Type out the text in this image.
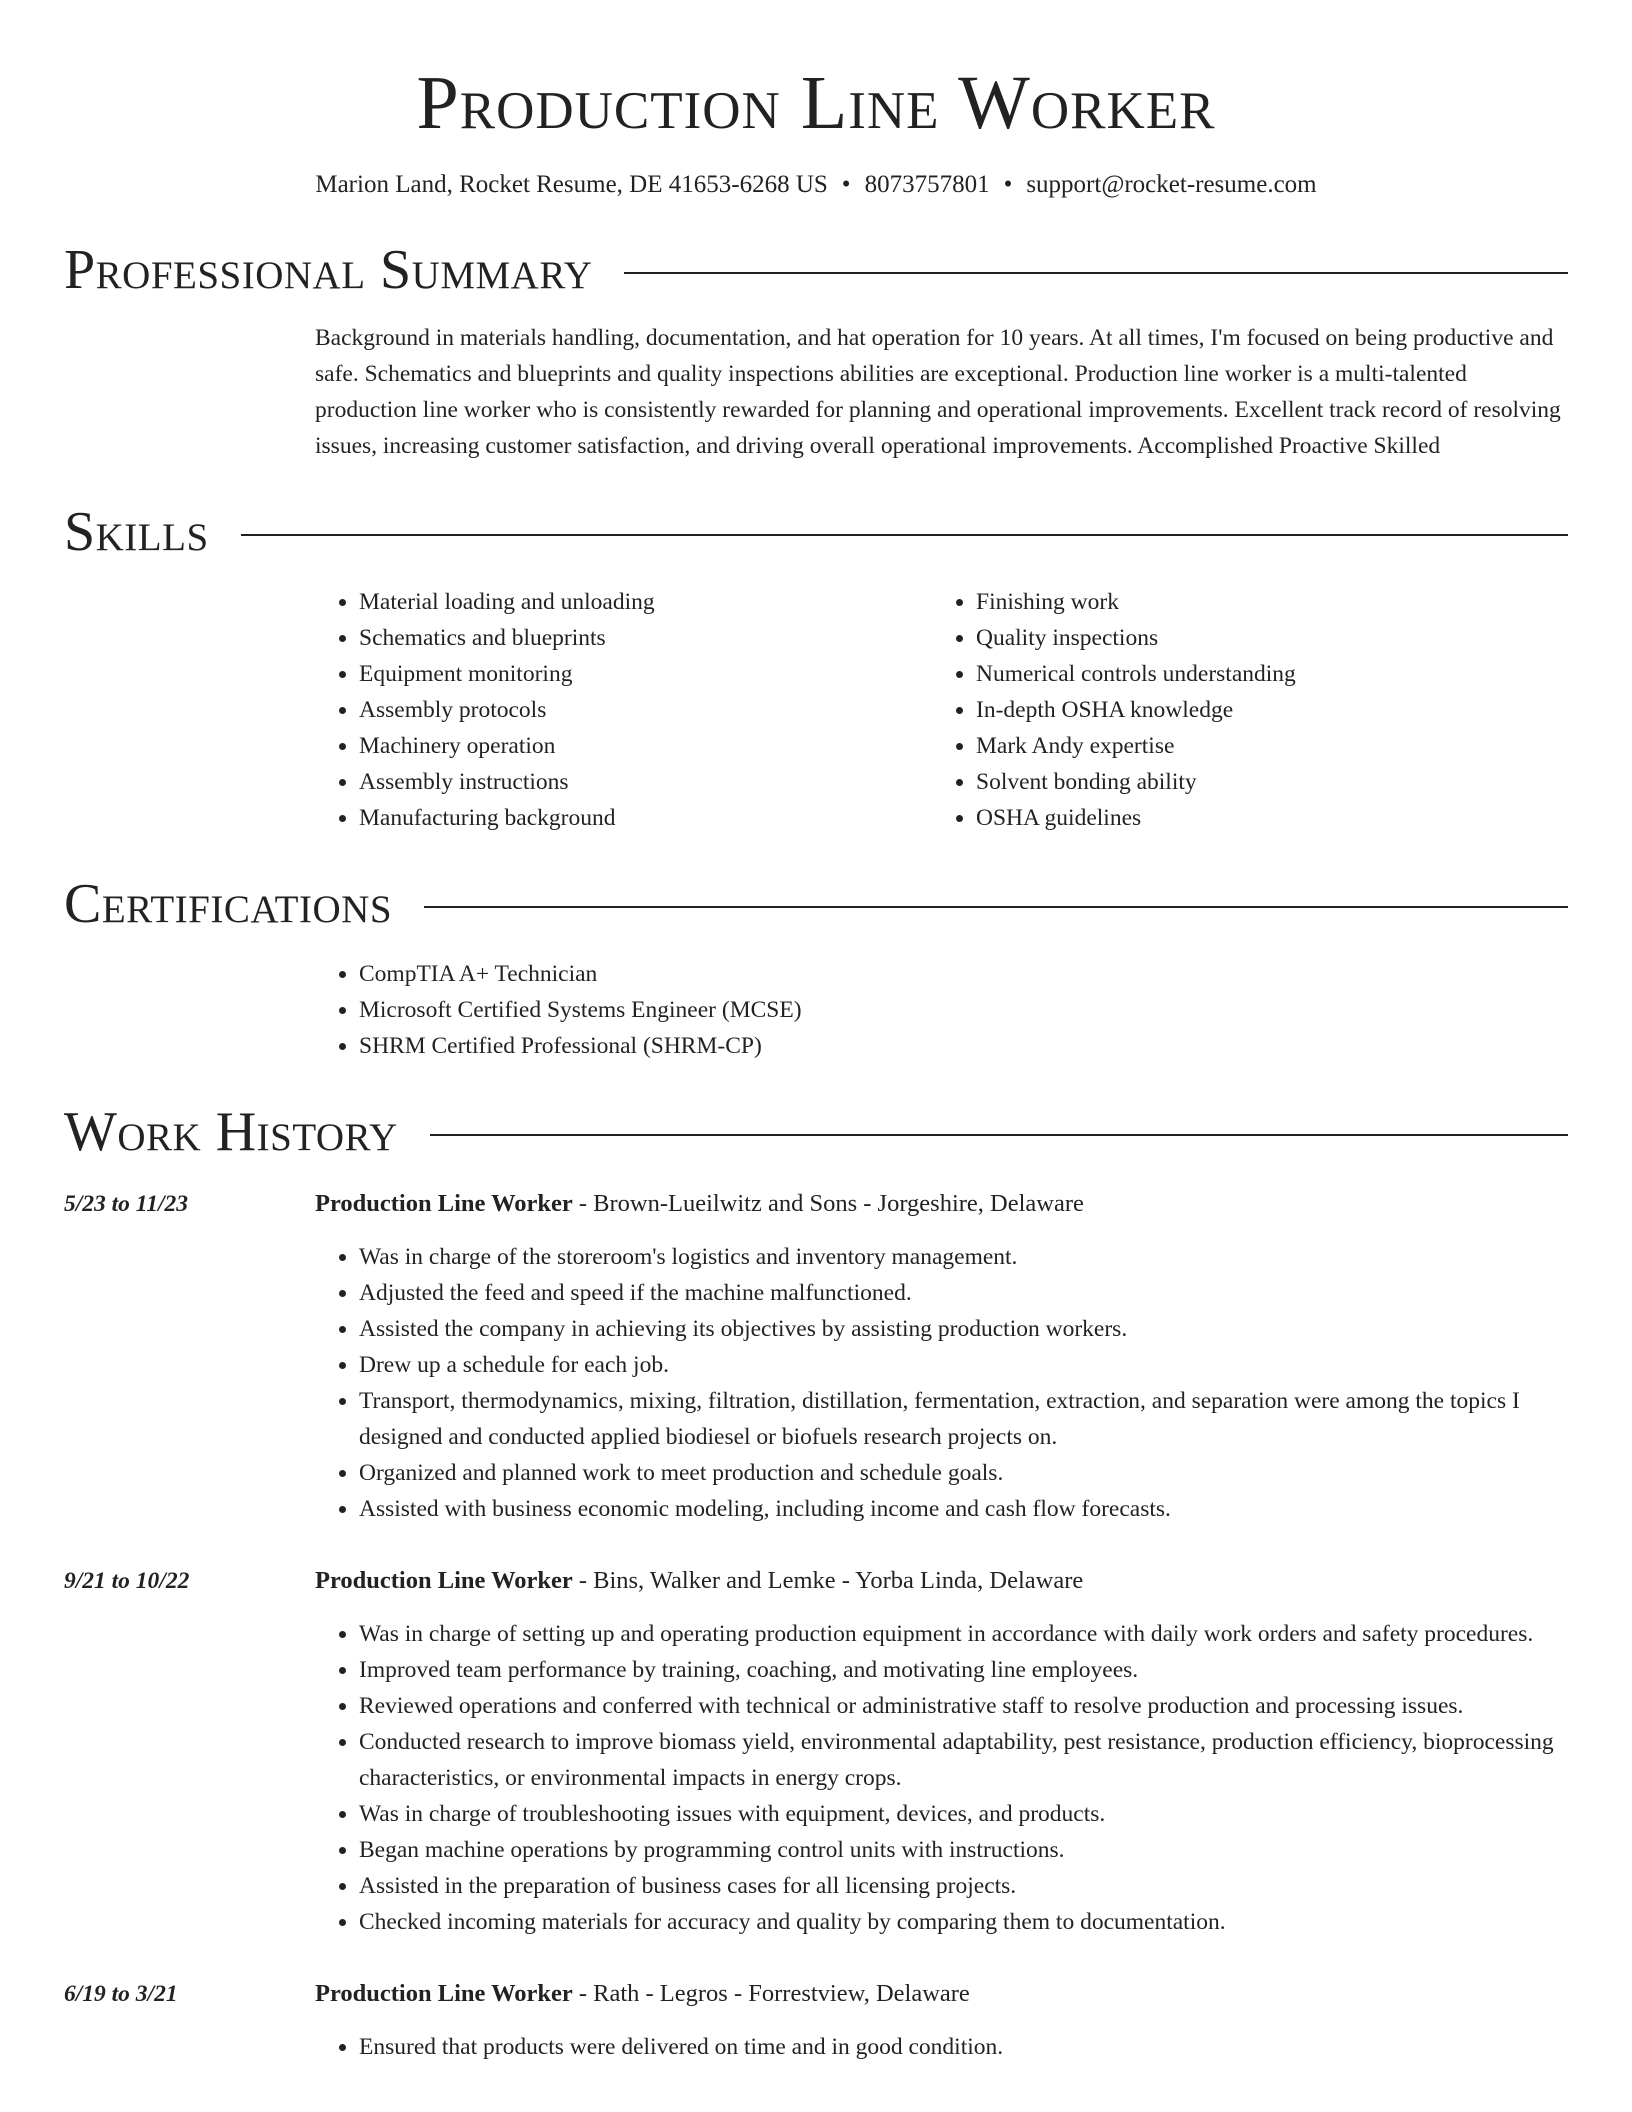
Production Line Worker
Marion Land, Rocket Resume, DE 41653-6268 US • 8073757801 • support@rocket-resume.com
Professional Summary

Background in materials handling, documentation, and hat operation for 10 years. At all times, I'm focused on being productive and safe. Schematics and blueprints and quality inspections abilities are exceptional. Production line worker is a multi-talented production line worker who is consistently rewarded for planning and operational improvements. Excellent track record of resolving issues, increasing customer satisfaction, and driving overall operational improvements. Accomplished Proactive Skilled

Skills
• Material loading and unloading
• Schematics and blueprints
• Equipment monitoring
• Assembly protocols
• Machinery operation
• Assembly instructions
• Manufacturing background
• Finishing work
• Quality inspections
• Numerical controls understanding
• In-depth OSHA knowledge
• Mark Andy expertise
• Solvent bonding ability
• OSHA guidelines
Certifications
• CompTIA A+ Technician
• Microsoft Certified Systems Engineer (MCSE)
• SHRM Certified Professional (SHRM-CP)
Work History
5/23 to 11/23	Production Line Worker - Brown-Lueilwitz and Sons - Jorgeshire, Delaware
• Was in charge of the storeroom's logistics and inventory management.
• Adjusted the feed and speed if the machine malfunctioned.
• Assisted the company in achieving its objectives by assisting production workers.
• Drew up a schedule for each job.
• Transport, thermodynamics, mixing, filtration, distillation, fermentation, extraction, and separation were among the topics I designed and conducted applied biodiesel or biofuels research projects on.
• Organized and planned work to meet production and schedule goals.
• Assisted with business economic modeling, including income and cash flow forecasts.
9/21 to 10/22	Production Line Worker - Bins, Walker and Lemke - Yorba Linda, Delaware
• Was in charge of setting up and operating production equipment in accordance with daily work orders and safety procedures.
• Improved team performance by training, coaching, and motivating line employees.
• Reviewed operations and conferred with technical or administrative staff to resolve production and processing issues.
• Conducted research to improve biomass yield, environmental adaptability, pest resistance, production efficiency, bioprocessing characteristics, or environmental impacts in energy crops.
• Was in charge of troubleshooting issues with equipment, devices, and products.
• Began machine operations by programming control units with instructions.
• Assisted in the preparation of business cases for all licensing projects.
• Checked incoming materials for accuracy and quality by comparing them to documentation.
6/19 to 3/21	Production Line Worker - Rath - Legros - Forrestview, Delaware
• Ensured that products were delivered on time and in good condition.
